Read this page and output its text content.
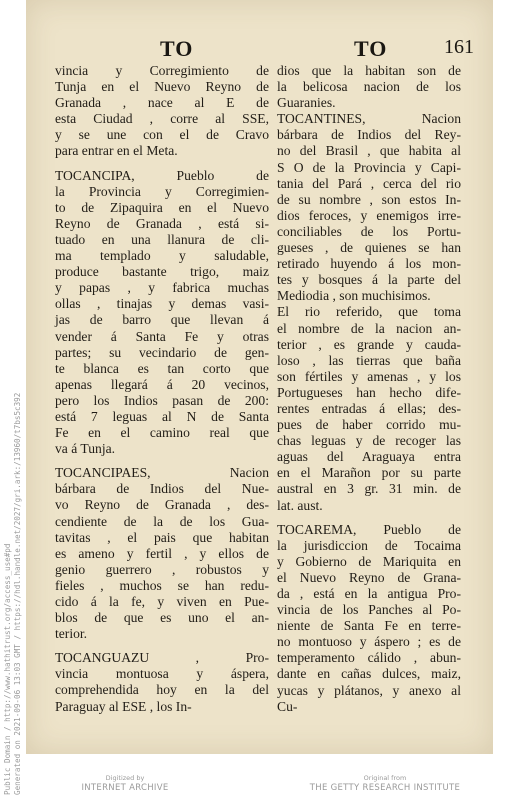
TO	TO	161
vincia y Corregimiento de
Tunja en el Nuevo Reyno de
Granada , nace al E de
esta Ciudad , corre al SSE,
y se une con el de Cravo
para entrar en el Meta.
TOCANCIPA, Pueblo de
la Provincia y Corregimien-
to de Zipaquira en el Nuevo
Reyno de Granada , está si-
tuado en una llanura de cli-
ma templado y saludable,
produce bastante trigo, maiz
y papas , y fabrica muchas
ollas , tinajas y demas vasi-
jas de barro que llevan á
vender á Santa Fe y otras
partes; su vecindario de gen-
te blanca es tan corto que
apenas llegará á 20 vecinos,
pero los Indios pasan de 200:
está 7 leguas al N de Santa
Fe en el camino real que
va á Tunja.
TOCANCIPAES, Nacion
bárbara de Indios del Nue-
vo Reyno de Granada , des-
cendiente de la de los Gua-
tavitas , el pais que habitan
es ameno y fertil , y ellos de
genio guerrero , robustos y
fieles , muchos se han redu-
cido á la fe, y viven en Pue-
blos de que es uno el an-
terior.
TOCANGUAZU , Pro-
vincia montuosa y áspera,
comprehendida hoy en la del
Paraguay al ESE , los In-
dios que la habitan son de
la belicosa nacion de los
Guaranies.
TOCANTINES, Nacion
bárbara de Indios del Rey-
no del Brasil , que habita al
S O de la Provincia y Capi-
tania del Pará , cerca del rio
de su nombre , son estos In-
dios feroces, y enemigos irre-
conciliables de los Portu-
gueses , de quienes se han
retirado huyendo á los mon-
tes y bosques á la parte del
Mediodia , son muchisimos.
El rio referido, que toma
el nombre de la nacion an-
terior , es grande y cauda-
loso , las tierras que baña
son fértiles y amenas , y los
Portugueses han hecho dife-
rentes entradas á ellas; des-
pues de haber corrido mu-
chas leguas y de recoger las
aguas del Araguaya entra
en el Marañon por su parte
austral en 3 gr. 31 min. de
lat. aust.
TOCAREMA, Pueblo de
la jurisdiccion de Tocaima
y Gobierno de Mariquita en
el Nuevo Reyno de Grana-
da , está en la antigua Pro-
vincia de los Panches al Po-
niente de Santa Fe en terre-
no montuoso y áspero ; es de
temperamento cálido , abun-
dante en cañas dulces, maiz,
yucas y plátanos, y anexo al
Cu-
Generated on 2021-09-06 13:03 GMT / https://hdl.handle.net/2027/gri.ark:/13960/t7bs5c392
Public Domain / http://www.hathitrust.org/access_use#pd	Digitized by
INTERNET ARCHIVE
Original from
THE GETTY RESEARCH INSTITUTE
